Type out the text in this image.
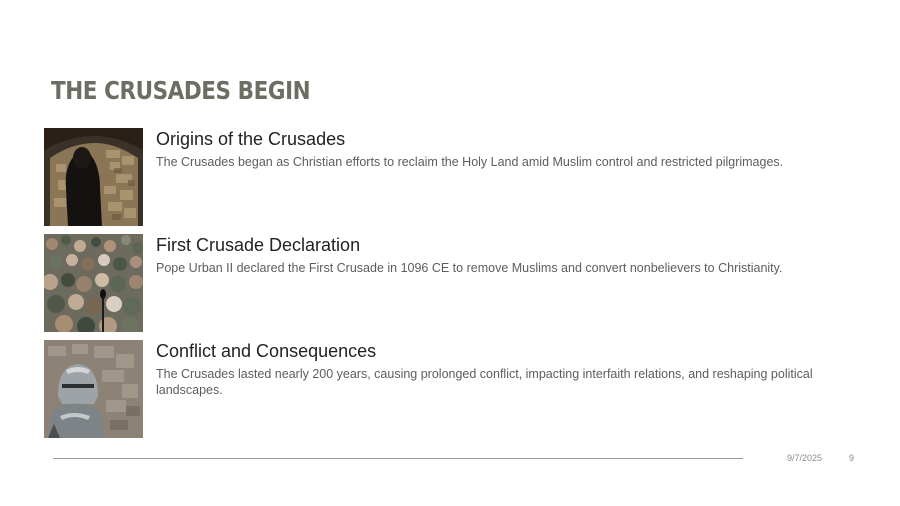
THE CRUSADES BEGIN
Origins of the Crusades

The Crusades began as Christian efforts to reclaim the Holy Land amid Muslim control and restricted pilgrimages.

First Crusade Declaration

Pope Urban II declared the First Crusade in 1096 CE to remove Muslims and convert nonbelievers to Christianity.

Conflict and Consequences

The Crusades lasted nearly 200 years, causing prolonged conflict, impacting interfaith relations, and reshaping political landscapes.

9/7/2025	9
